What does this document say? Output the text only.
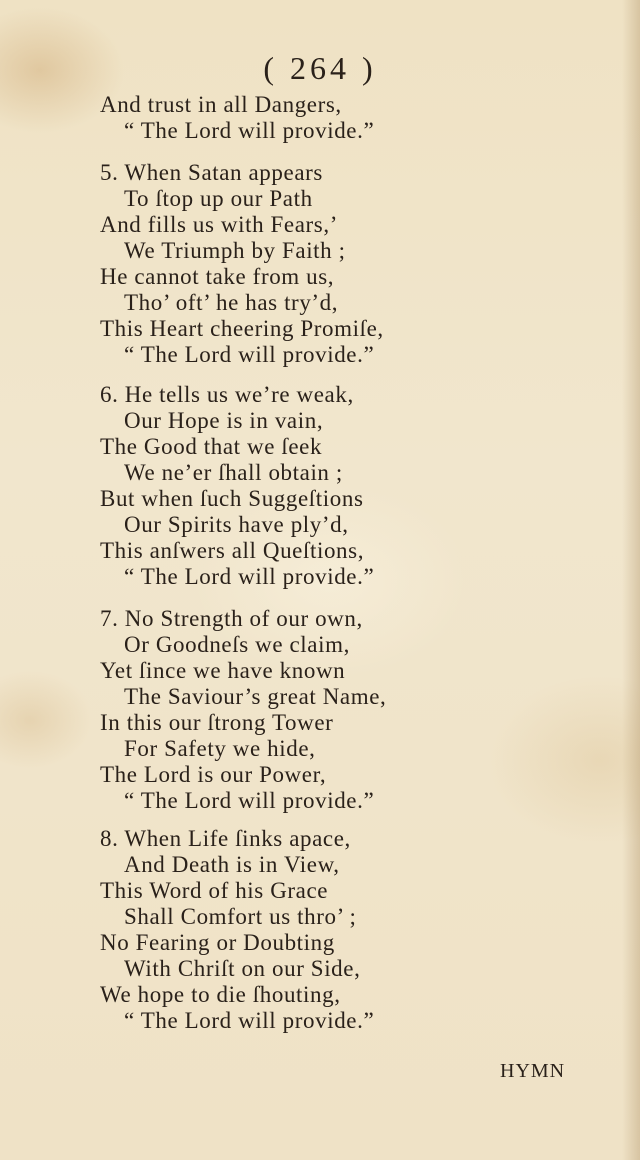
( 264 )
And trust in all Dangers,
“ The Lord will provide.”
5. When Satan appears
To ſtop up our Path
And fills us with Fears,’
We Triumph by Faith ;
He cannot take from us,
Tho’ oft’ he has try’d,
This Heart cheering Promiſe,
“ The Lord will provide.”
6. He tells us we’re weak,
Our Hope is in vain,
The Good that we ſeek
We ne’er ſhall obtain ;
But when ſuch Suggeſtions
Our Spirits have ply’d,
This anſwers all Queſtions,
“ The Lord will provide.”
7. No Strength of our own,
Or Goodneſs we claim,
Yet ſince we have known
The Saviour’s great Name,
In this our ſtrong Tower
For Safety we hide,
The Lord is our Power,
“ The Lord will provide.”
8. When Life ſinks apace,
And Death is in View,
This Word of his Grace
Shall Comfort us thro’ ;
No Fearing or Doubting
With Chriſt on our Side,
We hope to die ſhouting,
“ The Lord will provide.”
HYMN
